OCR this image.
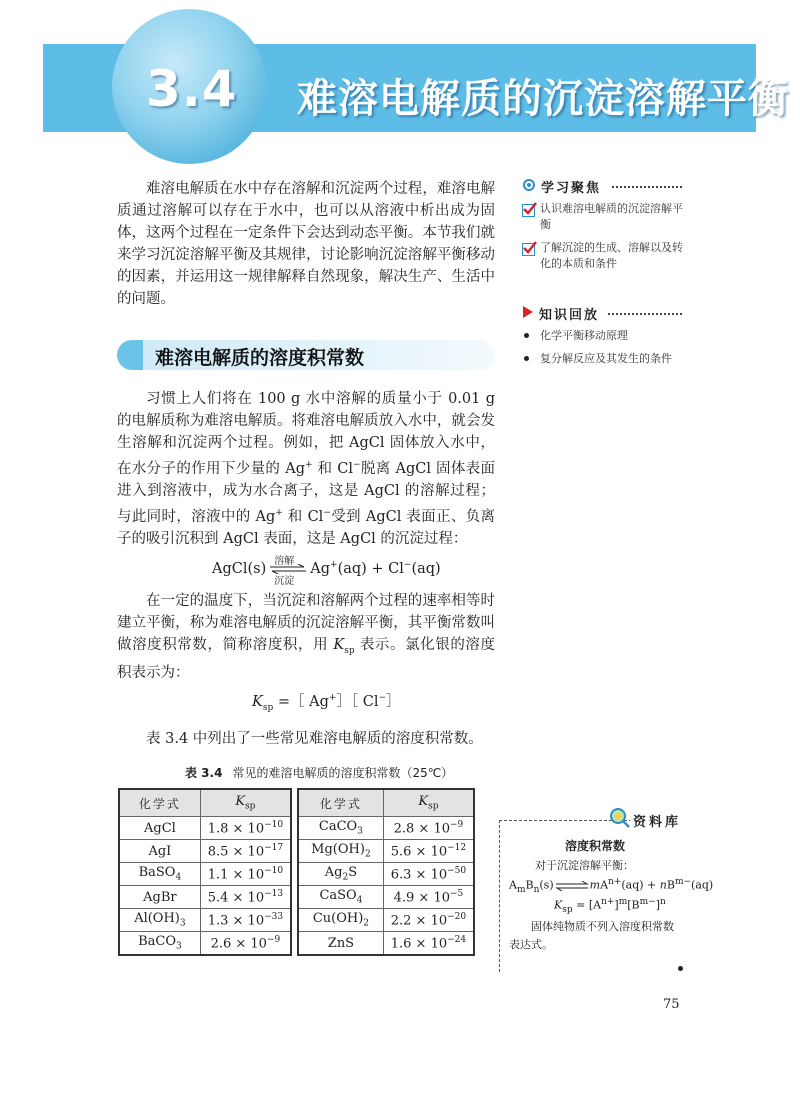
3.4 难溶电解质的沉淀溶解平衡

难溶电解质在水中存在溶解和沉淀两个过程，难溶电解质通过溶解可以存在于水中，也可以从溶液中析出成为固体，这两个过程在一定条件下会达到动态平衡。本节我们就来学习沉淀溶解平衡及其规律，讨论影响沉淀溶解平衡移动的因素，并运用这一规律解释自然现象，解决生产、生活中的问题。

难溶电解质的溶度积常数

习惯上人们将在 100 g 水中溶解的质量小于 0.01 g 的电解质称为难溶电解质。将难溶电解质放入水中，就会发生溶解和沉淀两个过程。例如，把 AgCl 固体放入水中，在水分子的作用下少量的 Ag+ 和 Cl−脱离 AgCl 固体表面进入到溶液中，成为水合离子，这是 AgCl 的溶解过程；与此同时，溶液中的 Ag+ 和 Cl−受到 AgCl 表面正、负离子的吸引沉积到 AgCl 表面，这是 AgCl 的沉淀过程：

AgCl(s) 溶解
沉淀
Ag+(aq) + Cl−(aq)

在一定的温度下，当沉淀和溶解两个过程的速率相等时建立平衡，称为难溶电解质的沉淀溶解平衡，其平衡常数叫做溶度积常数，简称溶度积，用 $K_{sp}$ 表示。氯化银的溶度积表示为：

$K_{sp}$ =［ Ag+］［ Cl−］

表 3.4 中列出了一些常见难溶电解质的溶度积常数。

表 3.4 常见的难溶电解质的溶度积常数（25℃）
化学式	$K_{sp}$
AgCl	$1.8 \times 10^{-10}$
AgI	$8.5 \times 10^{-17}$
BaSO$_4$	$1.1 \times 10^{-10}$
AgBr	$5.4 \times 10^{-13}$
$Al(OH)_3$	$1.3 \times 10^{-33}$
BaCO$_3$	$2.6 \times 10^{-9}$
化学式	$K_{sp}$
CaCO$_3$	$2.8 \times 10^{-9}$
$Mg(OH)_2$	$5.6 \times 10^{-12}$
$Ag_2S$	$6.3 \times 10^{-50}$
CaSO$_4$	$4.9 \times 10^{-5}$
$Cu(OH)_2$	$2.2 \times 10^{-20}$
ZnS	$1.6 \times 10^{-24}$
学习聚焦
认识难溶电解质的沉淀溶解平衡
了解沉淀的生成、溶解以及转化的本质和条件
知识回放
化学平衡移动原理
复分解反应及其发生的条件
资料库
溶度积常数
对于沉淀溶解平衡：
$A_mB_n(s)$	$mA^{n+}(aq) + nB^{m-}(aq)$
$K_{sp} = [A^{n+}]^m[B^{m-}]^n$
固体纯物质不列入溶度积常数表达式。
75
